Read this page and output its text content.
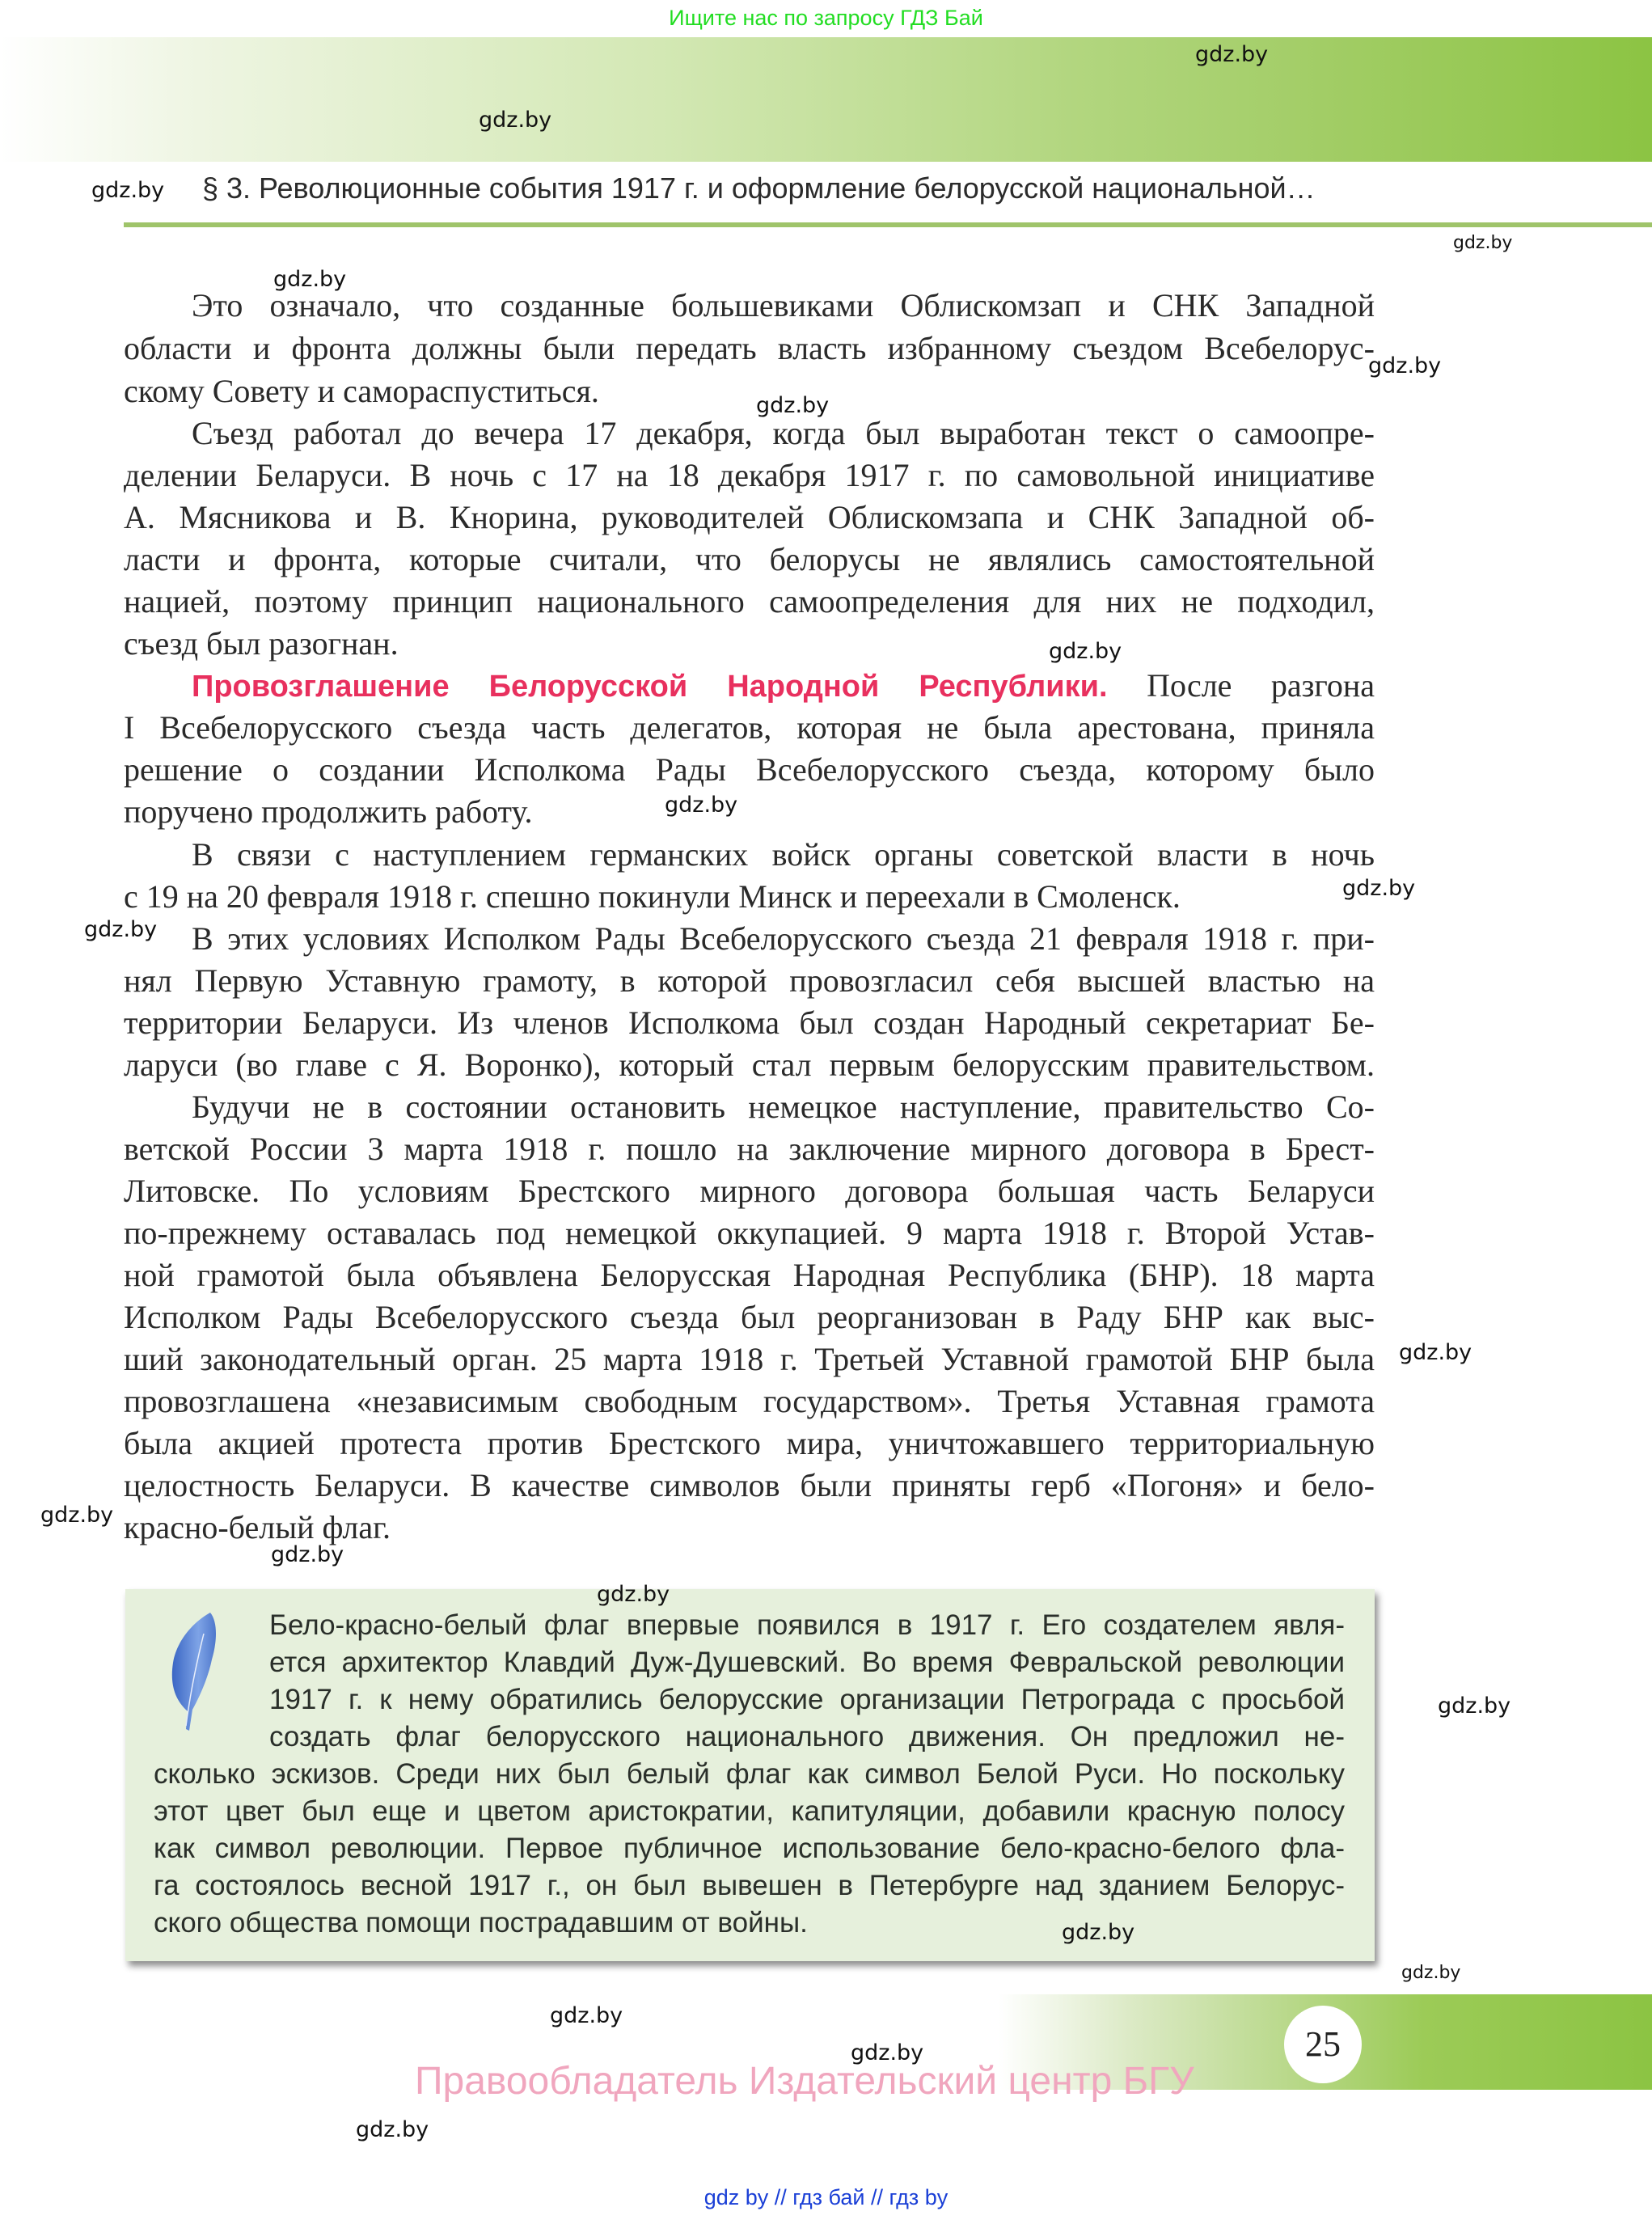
Ищите нас по запросу ГДЗ Бай
gdz.by
gdz.by
gdz.by § 3. Революционные события 1917 г. и оформление белорусской национальной…
gdz.by
gdz.by
Это означало, что созданные большевиками Облискомзап и СНК Западной
области и фронта должны были передать власть избранному съездом Всебелорус-
gdz.by
скому Совету и самораспуститься.	gdz.by
Съезд работал до вечера 17 декабря, когда был выработан текст о самоопре-
делении Беларуси. В ночь с 17 на 18 декабря 1917 г. по самовольной инициативе
А. Мясникова и В. Кнорина, руководителей Облискомзапа и СНК Западной об-
ласти и фронта, которые считали, что белорусы не являлись самостоятельной
нацией, поэтому принцип национального самоопределения для них не подходил,
съезд был разогнан.	gdz.by
Провозглашение Белорусской Народной Республики. После разгона
I Всебелорусского съезда часть делегатов, которая не была арестована, приняла
решение о создании Исполкома Рады Всебелорусского съезда, которому было
поручено продолжить работу.	gdz.by
В связи с наступлением германских войск органы советской власти в ночь
с 19 на 20 февраля 1918 г. спешно покинули Минск и переехали в Смоленск.	gdz.by
gdz.by В этих условиях Исполком Рады Всебелорусского съезда 21 февраля 1918 г. при-
нял Первую Уставную грамоту, в которой провозгласил себя высшей властью на
территории Беларуси. Из членов Исполкома был создан Народный секретариат Бе-
ларуси (во главе с Я. Воронко), который стал первым белорусским правительством.
Будучи не в состоянии остановить немецкое наступление, правительство Со-
ветской России 3 марта 1918 г. пошло на заключение мирного договора в Брест-
Литовске. По условиям Брестского мирного договора большая часть Беларуси
по-прежнему оставалась под немецкой оккупацией. 9 марта 1918 г. Второй Устав-
ной грамотой была объявлена Белорусская Народная Республика (БНР). 18 марта
Исполком Рады Всебелорусского съезда был реорганизован в Раду БНР как выс-
ший законодательный орган. 25 марта 1918 г. Третьей Уставной грамотой БНР была gdz.by
провозглашена «независимым свободным государством». Третья Уставная грамота
была акцией протеста против Брестского мира, уничтожавшего территориальную
целостность Беларуси. В качестве символов были приняты герб «Погоня» и бело-
gdz.by красно-белый флаг.
gdz.by
gdz.by
Бело-красно-белый флаг впервые появился в 1917 г. Его создателем явля-
ется архитектор Клавдий Дуж-Душевский. Во время Февральской революции
1917 г. к нему обратились белорусские организации Петрограда с просьбой
создать флаг белорусского национального движения. Он предложил не-
сколько эскизов. Среди них был белый флаг как символ Белой Руси. Но поскольку
этот цвет был еще и цветом аристократии, капитуляции, добавили красную полосу
как символ революции. Первое публичное использование бело-красно-белого фла-
га состоялось весной 1917 г., он был вывешен в Петербурге над зданием Белорус-
ского общества помощи пострадавшим от войны.	gdz.by
gdz.by
gdz.by
25
gdz.by
gdz.by
Правообладатель Издательский центр БГУ
gdz.by
gdz by // гдз бай // гдз by
